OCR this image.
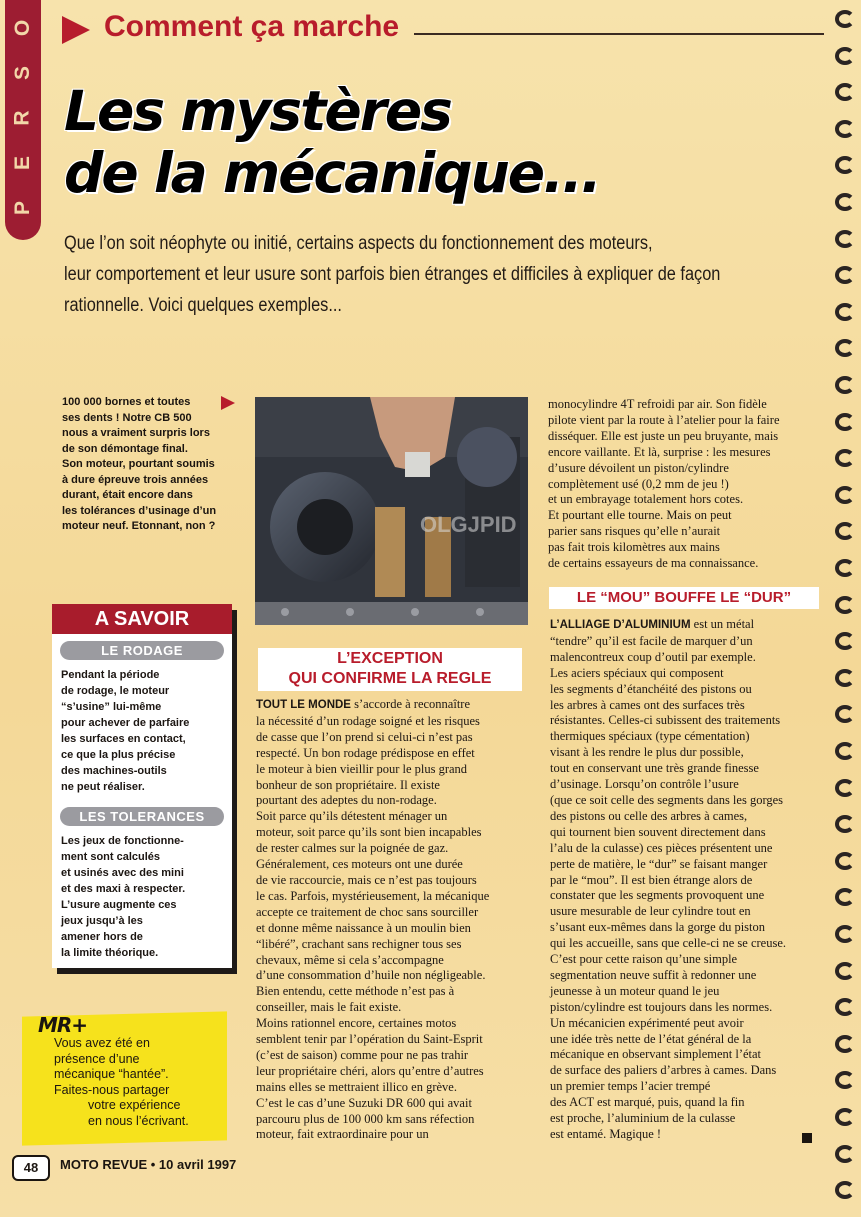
P
E
R
S
O Comment ça marche
Les mystères
de la mécanique...
Que l’on soit néophyte ou initié, certains aspects du fonctionnement des moteurs,
leur comportement et leur usure sont parfois bien étranges et difficiles à expliquer de façon
rationnelle. Voici quelques exemples...
100 000 bornes et toutes
ses dents ! Notre CB 500
nous a vraiment surpris lors
de son démontage final.
Son moteur, pourtant soumis
à dure épreuve trois années
durant, était encore dans
les tolérances d’usinage d’un
moteur neuf. Etonnant, non ?	OLGJPID
A SAVOIR
LE RODAGE
Pendant la période
de rodage, le moteur
“s’usine” lui-même
pour achever de parfaire
les surfaces en contact,
ce que la plus précise
des machines-outils
ne peut réaliser.
LES TOLERANCES
Les jeux de fonctionne-
ment sont calculés
et usinés avec des mini
et des maxi à respecter.
L’usure augmente ces
jeux jusqu’à les
amener hors de
la limite théorique.
MR+
Vous avez été en
présence d’une
mécanique “hantée”.
Faites-nous partager
votre expérience
en nous l’écrivant.
L’EXCEPTION
QUI CONFIRME LA REGLE
TOUT LE MONDE s’accorde à reconnaître
la nécessité d’un rodage soigné et les risques
de casse que l’on prend si celui-ci n’est pas
respecté. Un bon rodage prédispose en effet
le moteur à bien vieillir pour le plus grand
bonheur de son propriétaire. Il existe
pourtant des adeptes du non-rodage.
Soit parce qu’ils détestent ménager un
moteur, soit parce qu’ils sont bien incapables
de rester calmes sur la poignée de gaz.
Généralement, ces moteurs ont une durée
de vie raccourcie, mais ce n’est pas toujours
le cas. Parfois, mystérieusement, la mécanique
accepte ce traitement de choc sans sourciller
et donne même naissance à un moulin bien
“libéré”, crachant sans rechigner tous ses
chevaux, même si cela s’accompagne
d’une consommation d’huile non négligeable.
Bien entendu, cette méthode n’est pas à
conseiller, mais le fait existe.
Moins rationnel encore, certaines motos
semblent tenir par l’opération du Saint-Esprit
(c’est de saison) comme pour ne pas trahir
leur propriétaire chéri, alors qu’entre d’autres
mains elles se mettraient illico en grève.
C’est le cas d’une Suzuki DR 600 qui avait
parcouru plus de 100 000 km sans réfection
moteur, fait extraordinaire pour un
monocylindre 4T refroidi par air. Son fidèle
pilote vient par la route à l’atelier pour la faire
disséquer. Elle est juste un peu bruyante, mais
encore vaillante. Et là, surprise : les mesures
d’usure dévoilent un piston/cylindre
complètement usé (0,2 mm de jeu !)
et un embrayage totalement hors cotes.
Et pourtant elle tourne. Mais on peut
parier sans risques qu’elle n’aurait
pas fait trois kilomètres aux mains
de certains essayeurs de ma connaissance.
LE “MOU” BOUFFE LE “DUR”
L’ALLIAGE D’ALUMINIUM est un métal
“tendre” qu’il est facile de marquer d’un
malencontreux coup d’outil par exemple.
Les aciers spéciaux qui composent
les segments d’étanchéité des pistons ou
les arbres à cames ont des surfaces très
résistantes. Celles-ci subissent des traitements
thermiques spéciaux (type cémentation)
visant à les rendre le plus dur possible,
tout en conservant une très grande finesse
d’usinage. Lorsqu’on contrôle l’usure
(que ce soit celle des segments dans les gorges
des pistons ou celle des arbres à cames,
qui tournent bien souvent directement dans
l’alu de la culasse) ces pièces présentent une
perte de matière, le “dur” se faisant manger
par le “mou”. Il est bien étrange alors de
constater que les segments provoquent une
usure mesurable de leur cylindre tout en
s’usant eux-mêmes dans la gorge du piston
qui les accueille, sans que celle-ci ne se creuse.
C’est pour cette raison qu’une simple
segmentation neuve suffit à redonner une
jeunesse à un moteur quand le jeu
piston/cylindre est toujours dans les normes.
Un mécanicien expérimenté peut avoir
une idée très nette de l’état général de la
mécanique en observant simplement l’état
de surface des paliers d’arbres à cames. Dans
un premier temps l’acier trempé
des ACT est marqué, puis, quand la fin
est proche, l’aluminium de la culasse
est entamé. Magique !
48	MOTO REVUE • 10 avril 1997
